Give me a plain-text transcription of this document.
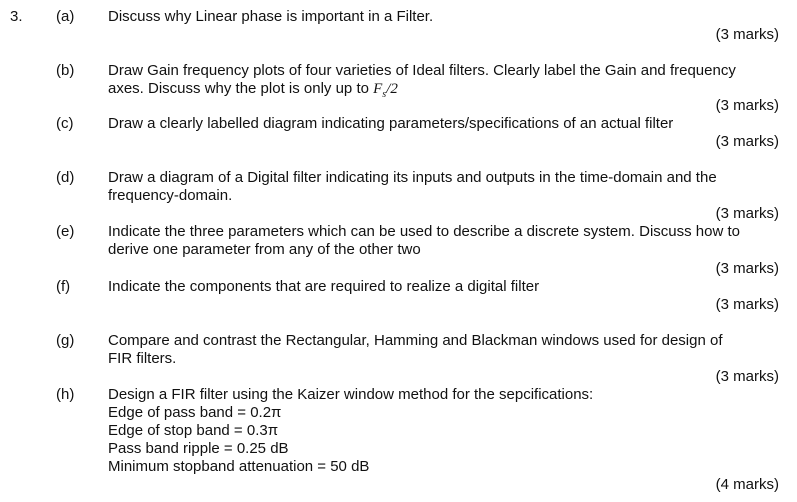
3. (a) Discuss why Linear phase is important in a Filter.
(3 marks)
(b) Draw Gain frequency plots of four varieties of Ideal filters. Clearly label the Gain and frequency
axes. Discuss why the plot is only up to $F_s/2$
(3 marks)
(c) Draw a clearly labelled diagram indicating parameters/specifications of an actual filter
(3 marks)
(d) Draw a diagram of a Digital filter indicating its inputs and outputs in the time-domain and the
frequency-domain.
(3 marks)
(e) Indicate the three parameters which can be used to describe a discrete system. Discuss how to
derive one parameter from any of the other two
(3 marks)
(f)	Indicate the components that are required to realize a digital filter
(3 marks)
(g) Compare and contrast the Rectangular, Hamming and Blackman windows used for design of
FIR filters.
(3 marks)
(h) Design a FIR filter using the Kaizer window method for the sepcifications:
Edge of pass band = 0.2π
Edge of stop band = 0.3π
Pass band ripple = 0.25 dB
Minimum stopband attenuation = 50 dB
(4 marks)
